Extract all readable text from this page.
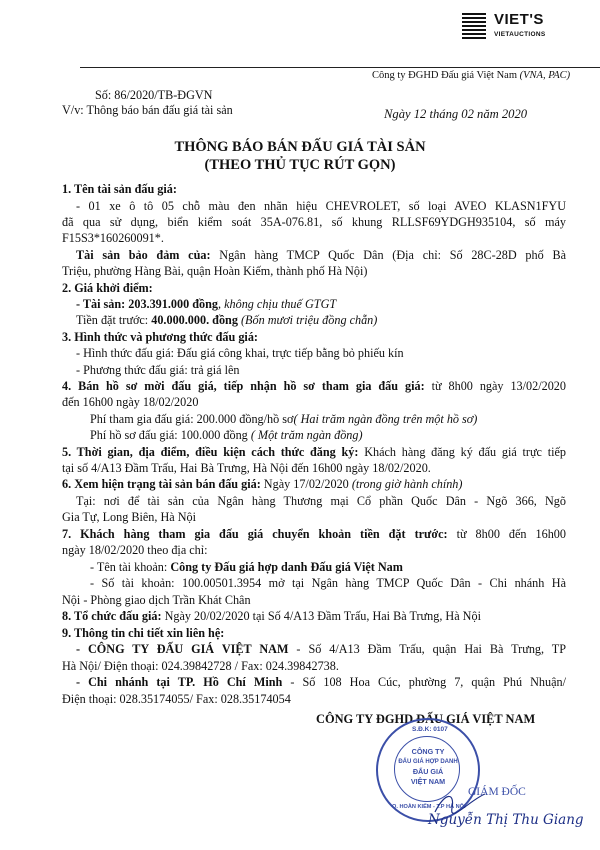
VIET'S
VIETAUCTIONS
Công ty ĐGHD Đấu giá Việt Nam (VNA, PAC)
Số: 86/2020/TB-ĐGVN
V/v: Thông báo bán đấu giá tài sản	Ngày 12 tháng 02 năm 2020
THÔNG BÁO BÁN ĐẤU GIÁ TÀI SẢN
(THEO THỦ TỤC RÚT GỌN)
1. Tên tài sản đấu giá:
- 01 xe ô tô 05 chỗ màu đen nhãn hiệu CHEVROLET, số loại AVEO KLASN1FYU
đã qua sử dụng, biển kiểm soát 35A-076.81, số khung RLLSF69YDGH935104, số máy
F15S3*160260091*.
Tài sản bảo đảm của: Ngân hàng TMCP Quốc Dân (Địa chỉ: Số 28C-28D phố Bà
Triệu, phường Hàng Bài, quận Hoàn Kiếm, thành phố Hà Nội)
2. Giá khởi điểm:
- Tài sản: 203.391.000 đồng, không chịu thuế GTGT
Tiền đặt trước: 40.000.000. đồng (Bốn mươi triệu đồng chẵn)
3. Hình thức và phương thức đấu giá:
- Hình thức đấu giá: Đấu giá công khai, trực tiếp bằng bỏ phiếu kín
- Phương thức đấu giá: trả giá lên
4. Bán hồ sơ mời đấu giá, tiếp nhận hồ sơ tham gia đấu giá: từ 8h00 ngày 13/02/2020
đến 16h00 ngày 18/02/2020
Phí tham gia đấu giá: 200.000 đồng/hồ sơ( Hai trăm ngàn đồng trên một hồ sơ)
Phí hồ sơ đấu giá: 100.000 đồng ( Một trăm ngàn đồng)
5. Thời gian, địa điểm, điều kiện cách thức đăng ký: Khách hàng đăng ký đấu giá trực tiếp
tại số 4/A13 Đầm Trấu, Hai Bà Trưng, Hà Nội đến 16h00 ngày 18/02/2020.
6. Xem hiện trạng tài sản bán đấu giá: Ngày 17/02/2020 (trong giờ hành chính)
Tại: nơi để tài sản của Ngân hàng Thương mại Cổ phần Quốc Dân - Ngõ 366, Ngõ
Gia Tự, Long Biên, Hà Nội
7. Khách hàng tham gia đấu giá chuyển khoản tiền đặt trước: từ 8h00 đến 16h00
ngày 18/02/2020 theo địa chỉ:
- Tên tài khoản: Công ty Đấu giá hợp danh Đấu giá Việt Nam
- Số tài khoản: 100.00501.3954 mở tại Ngân hàng TMCP Quốc Dân - Chi nhánh Hà
Nội - Phòng giao dịch Trần Khát Chân
8. Tổ chức đấu giá: Ngày 20/02/2020 tại Số 4/A13 Đầm Trấu, Hai Bà Trưng, Hà Nội
9. Thông tin chi tiết xin liên hệ:
- CÔNG TY ĐẤU GIÁ VIỆT NAM - Số 4/A13 Đầm Trấu, quận Hai Bà Trưng, TP
Hà Nội/ Điện thoại: 024.39842728 / Fax: 024.39842738.
- Chi nhánh tại TP. Hồ Chí Minh - Số 108 Hoa Cúc, phường 7, quận Phú Nhuận/
Điện thoại: 028.35174055/ Fax: 028.35174054
CÔNG TY ĐGHD ĐẤU GIÁ VIỆT NAM
S.Đ.K: 0107
CÔNG TY
ĐẤU GIÁ HỢP DANH
ĐẤU GIÁ
VIỆT NAM
Q. HOÀN KIẾM - T.P HÀ NỘI
GIÁM ĐỐC
Nguyễn Thị Thu Giang
